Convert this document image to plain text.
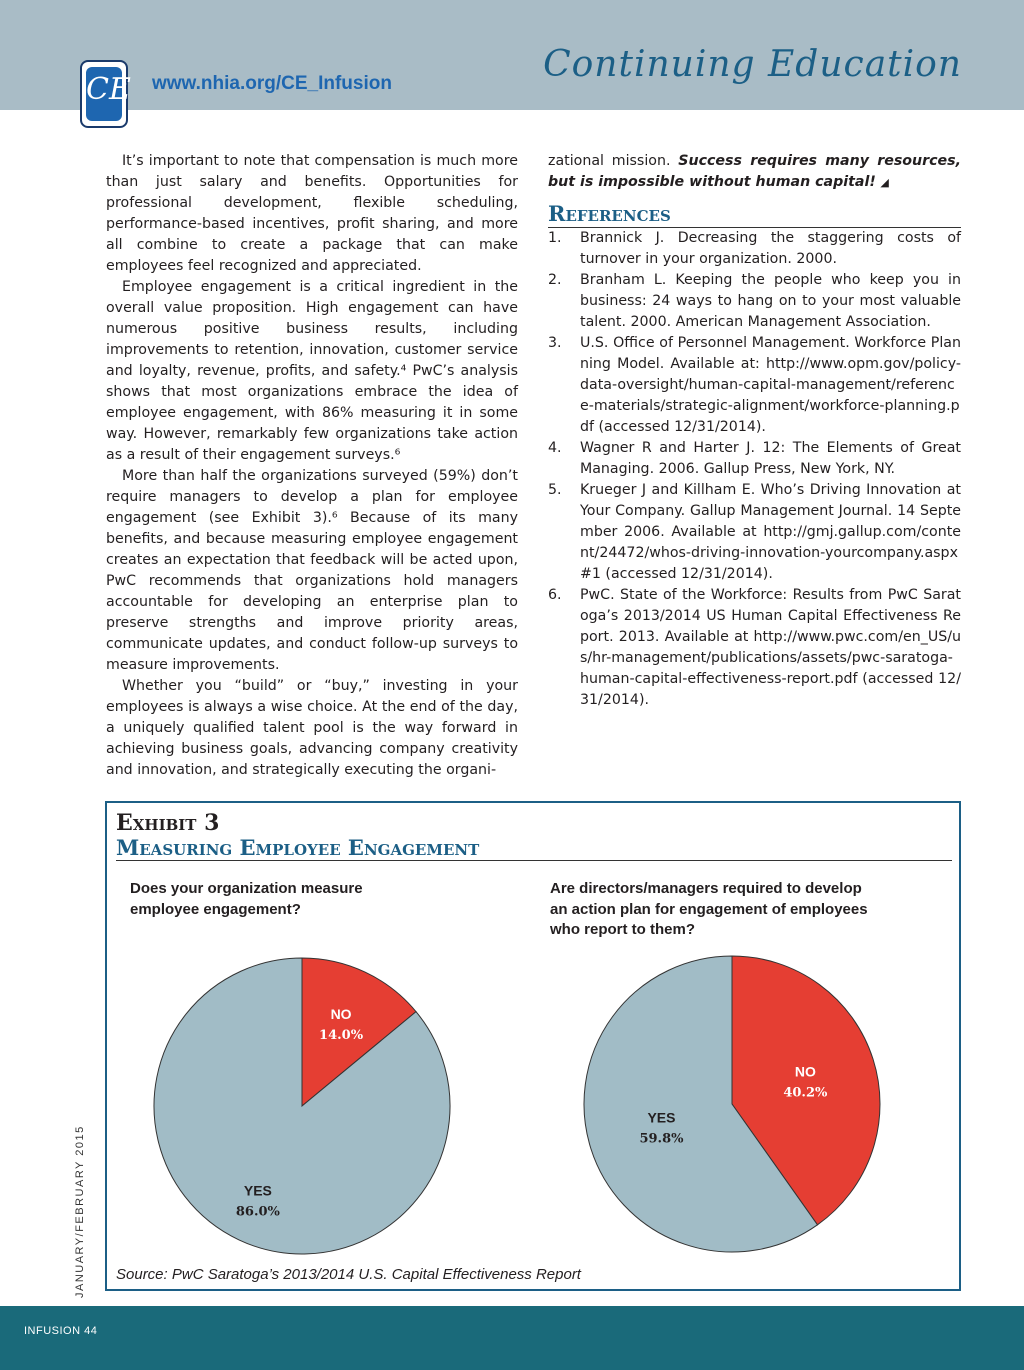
CE www.nhia.org/CE_Infusion	Continuing Education

It’s important to note that compensation is much more than just salary and benefits. Opportunities for professional development, flexible scheduling, performance-based incentives, profit sharing, and more all combine to create a package that can make employees feel recognized and appreciated.

Employee engagement is a critical ingredient in the overall value proposition. High engagement can have numerous positive business results, including improvements to retention, innovation, customer service and loyalty, revenue, profits, and safety.⁴ PwC’s analysis shows that most organizations embrace the idea of employee engagement, with 86% measuring it in some way. However, remarkably few organizations take action as a result of their engagement surveys.⁶

More than half the organizations surveyed (59%) don’t require managers to develop a plan for employee engagement (see Exhibit 3).⁶ Because of its many benefits, and because measuring employee engagement creates an expectation that feedback will be acted upon, PwC recommends that organizations hold managers accountable for developing an enterprise plan to preserve strengths and improve priority areas, communicate updates, and conduct follow-up surveys to measure improvements.

Whether you “build” or “buy,” investing in your employees is always a wise choice. At the end of the day, a uniquely qualified talent pool is the way forward in achieving business goals, advancing company creativity and innovation, and strategically executing the organi-

zational mission. Success requires many resources, but is impossible without human capital! ◢

References
1.	Brannick J. Decreasing the staggering costs of turnover in your organization. 2000.
2.	Branham L. Keeping the people who keep you in business: 24 ways to hang on to your most valuable talent. 2000. American Management Association.
3.	U.S. Office of Personnel Management. Workforce Planning Model. Available at: http://www.opm.gov/policy-data-oversight/human-capital-management/reference-materials/strategic-alignment/workforce-planning.pdf (accessed 12/31/2014).
4.	Wagner R and Harter J. 12: The Elements of Great Managing. 2006. Gallup Press, New York, NY.
5.	Krueger J and Killham E. Who’s Driving Innovation at Your Company. Gallup Management Journal. 14 September 2006. Available at http://gmj.gallup.com/content/24472/whos-driving-innovation-yourcompany.aspx#1 (accessed 12/31/2014).
6.	PwC. State of the Workforce: Results from PwC Saratoga’s 2013/2014 US Human Capital Effectiveness Report. 2013. Available at http://www.pwc.com/en_US/us/hr-management/publications/assets/pwc-saratoga-human-capital-effectiveness-report.pdf (accessed 12/31/2014).
Exhibit 3
Measuring Employee Engagement
Does your organization measure employee engagement?
Are directors/managers required to develop an action plan for engagement of employees who report to them?
NO
14.0%
YES
86.0%
NO
40.2%
YES
59.8%
Source: PwC Saratoga’s 2013/2014 U.S. Capital Effectiveness Report
JANUARY/FEBRUARY 2015
INFUSION 44
